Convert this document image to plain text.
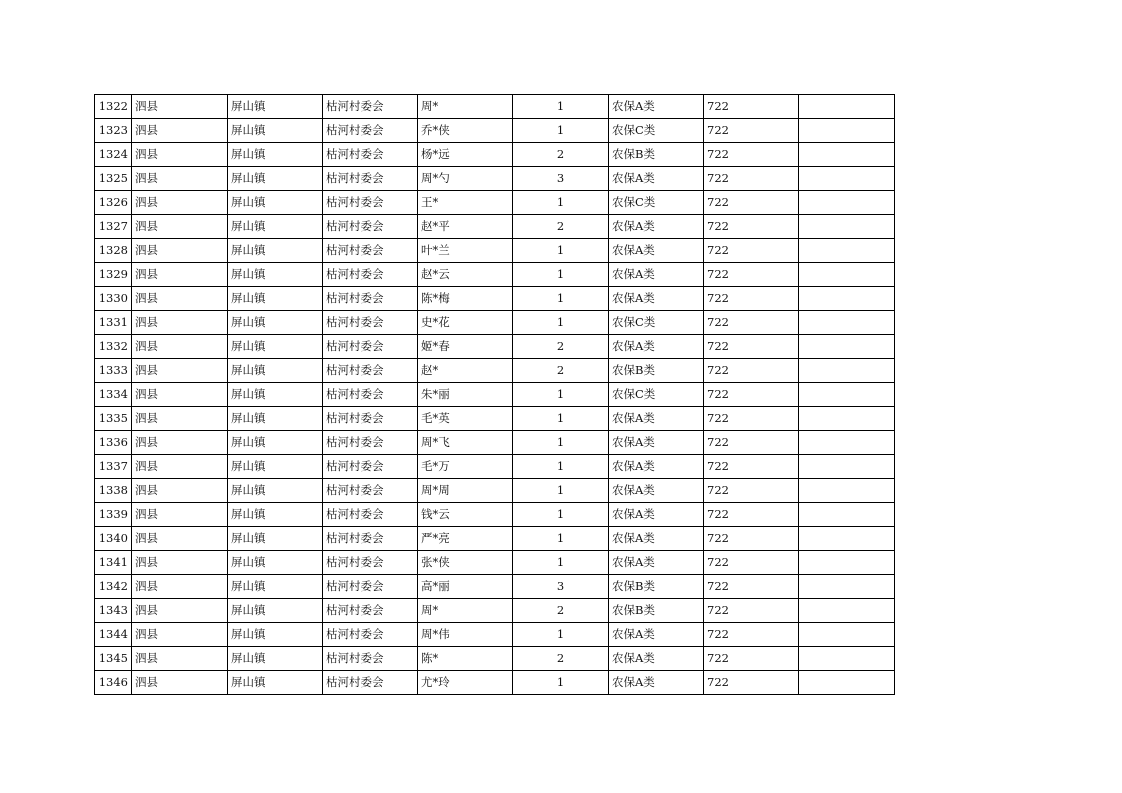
1322	泗县	屏山镇	枯河村委会	周*	1	农保A类	722	
1323	泗县	屏山镇	枯河村委会	乔*侠	1	农保C类	722	
1324	泗县	屏山镇	枯河村委会	杨*远	2	农保B类	722	
1325	泗县	屏山镇	枯河村委会	周*勺	3	农保A类	722	
1326	泗县	屏山镇	枯河村委会	王*	1	农保C类	722	
1327	泗县	屏山镇	枯河村委会	赵*平	2	农保A类	722	
1328	泗县	屏山镇	枯河村委会	叶*兰	1	农保A类	722	
1329	泗县	屏山镇	枯河村委会	赵*云	1	农保A类	722	
1330	泗县	屏山镇	枯河村委会	陈*梅	1	农保A类	722	
1331	泗县	屏山镇	枯河村委会	史*花	1	农保C类	722	
1332	泗县	屏山镇	枯河村委会	姬*春	2	农保A类	722	
1333	泗县	屏山镇	枯河村委会	赵*	2	农保B类	722	
1334	泗县	屏山镇	枯河村委会	朱*丽	1	农保C类	722	
1335	泗县	屏山镇	枯河村委会	毛*英	1	农保A类	722	
1336	泗县	屏山镇	枯河村委会	周*飞	1	农保A类	722	
1337	泗县	屏山镇	枯河村委会	毛*万	1	农保A类	722	
1338	泗县	屏山镇	枯河村委会	周*周	1	农保A类	722	
1339	泗县	屏山镇	枯河村委会	钱*云	1	农保A类	722	
1340	泗县	屏山镇	枯河村委会	严*亮	1	农保A类	722	
1341	泗县	屏山镇	枯河村委会	张*侠	1	农保A类	722	
1342	泗县	屏山镇	枯河村委会	高*丽	3	农保B类	722	
1343	泗县	屏山镇	枯河村委会	周*	2	农保B类	722	
1344	泗县	屏山镇	枯河村委会	周*伟	1	农保A类	722	
1345	泗县	屏山镇	枯河村委会	陈*	2	农保A类	722	
1346	泗县	屏山镇	枯河村委会	尤*玲	1	农保A类	722	
